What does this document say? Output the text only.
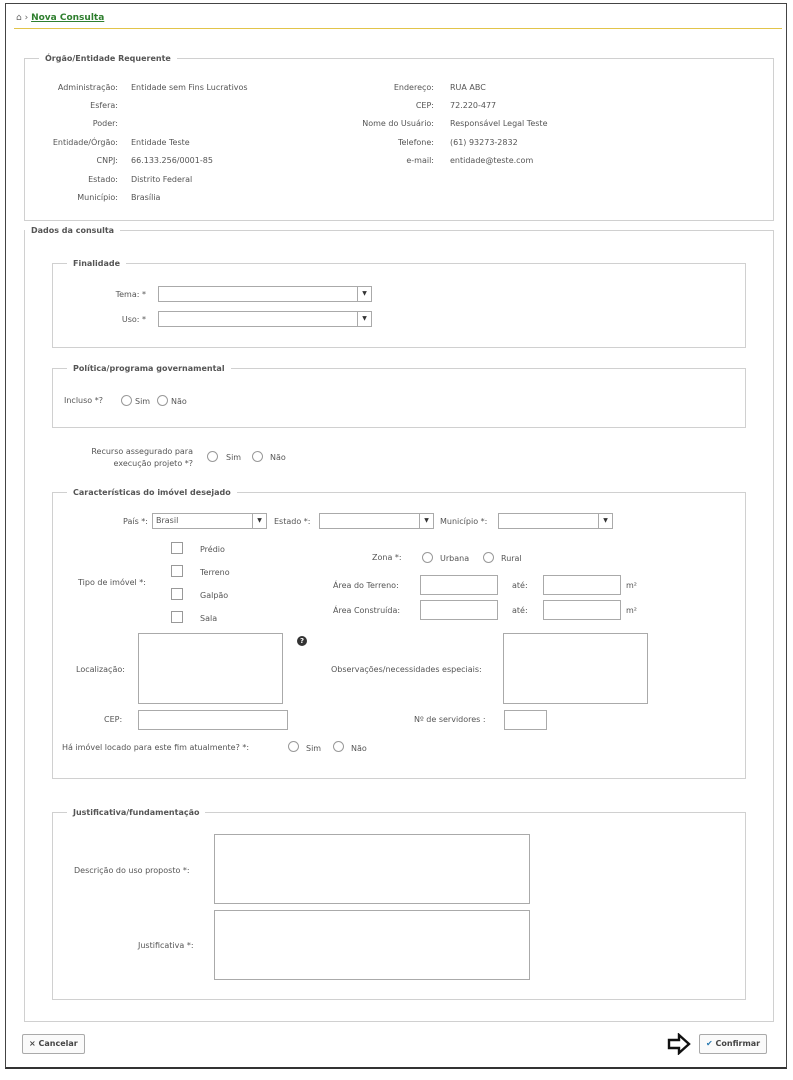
⌂ › Nova Consulta
Órgão/Entidade Requerente
Administração: Entidade sem Fins Lucrativos
Esfera:
Poder:
Entidade/Órgão: Entidade Teste
CNPJ: 66.133.256/0001-85
Estado: Distrito Federal
Município: Brasília
Endereço: RUA ABC
CEP: 72.220-477
Nome do Usuário: Responsável Legal Teste
Telefone: (61) 93273-2832
e-mail: entidade@teste.com
Dados da consulta
Finalidade
Tema: *	▼
Uso: *	▼
Política/programa governamental
Incluso *?	Sim	Não
Recurso assegurado para
execução projeto *?
Sim	Não
Características do imóvel desejado
País *:	Brasil	▼	Estado *:	▼	Município *:	▼
Tipo de imóvel *:
Prédio
Terreno
Galpão
Sala
Zona *:	Urbana	Rural
Área do Terreno:	até:	m²
Área Construída:	até:	m²
Localização:
?
Observações/necessidades especiais:
CEP:	Nº de servidores :
Há imóvel locado para este fim atualmente? *:	Sim	Não
Justificativa/fundamentação
Descrição do uso proposto *:
Justificativa *:
× Cancelar	✔ Confirmar
